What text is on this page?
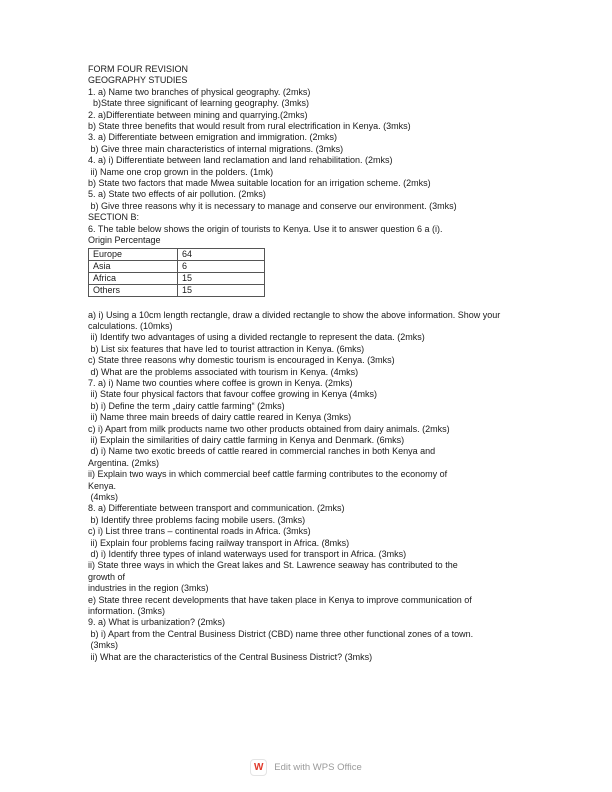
FORM FOUR REVISION
GEOGRAPHY STUDIES
1. a) Name two branches of physical geography. (2mks)
b)State three significant of learning geography. (3mks)
2. a)Differentiate between mining and quarrying.(2mks)
b) State three benefits that would result from rural electrification in Kenya. (3mks)
3. a) Differentiate between emigration and immigration. (2mks)
b) Give three main characteristics of internal migrations. (3mks)
4. a) i) Differentiate between land reclamation and land rehabilitation. (2mks)
ii) Name one crop grown in the polders. (1mk)
b) State two factors that made Mwea suitable location for an irrigation scheme. (2mks)
5. a) State two effects of air pollution. (2mks)
b) Give three reasons why it is necessary to manage and conserve our environment. (3mks)
SECTION B:
6. The table below shows the origin of tourists to Kenya. Use it to answer question 6 a (i).
Origin Percentage
Europe	64
Asia	6
Africa	15
Others	15
a) i) Using a 10cm length rectangle, draw a divided rectangle to show the above information. Show your
calculations. (10mks)
ii) Identify two advantages of using a divided rectangle to represent the data. (2mks)
b) List six features that have led to tourist attraction in Kenya. (6mks)
c) State three reasons why domestic tourism is encouraged in Kenya. (3mks)
d) What are the problems associated with tourism in Kenya. (4mks)
7. a) i) Name two counties where coffee is grown in Kenya. (2mks)
ii) State four physical factors that favour coffee growing in Kenya (4mks)
b) i) Define the term „dairy cattle farming“ (2mks)
ii) Name three main breeds of dairy cattle reared in Kenya (3mks)
c) i) Apart from milk products name two other products obtained from dairy animals. (2mks)
ii) Explain the similarities of dairy cattle farming in Kenya and Denmark. (6mks)
d) i) Name two exotic breeds of cattle reared in commercial ranches in both Kenya and
Argentina. (2mks)
ii) Explain two ways in which commercial beef cattle farming contributes to the economy of
Kenya.
(4mks)
8. a) Differentiate between transport and communication. (2mks)
b) Identify three problems facing mobile users. (3mks)
c) i) List three trans – continental roads in Africa. (3mks)
ii) Explain four problems facing railway transport in Africa. (8mks)
d) i) Identify three types of inland waterways used for transport in Africa. (3mks)
ii) State three ways in which the Great lakes and St. Lawrence seaway has contributed to the
growth of
industries in the region (3mks)
e) State three recent developments that have taken place in Kenya to improve communication of
information. (3mks)
9. a) What is urbanization? (2mks)
b) i) Apart from the Central Business District (CBD) name three other functional zones of a town.
(3mks)
ii) What are the characteristics of the Central Business District? (3mks)
W Edit with WPS Office
